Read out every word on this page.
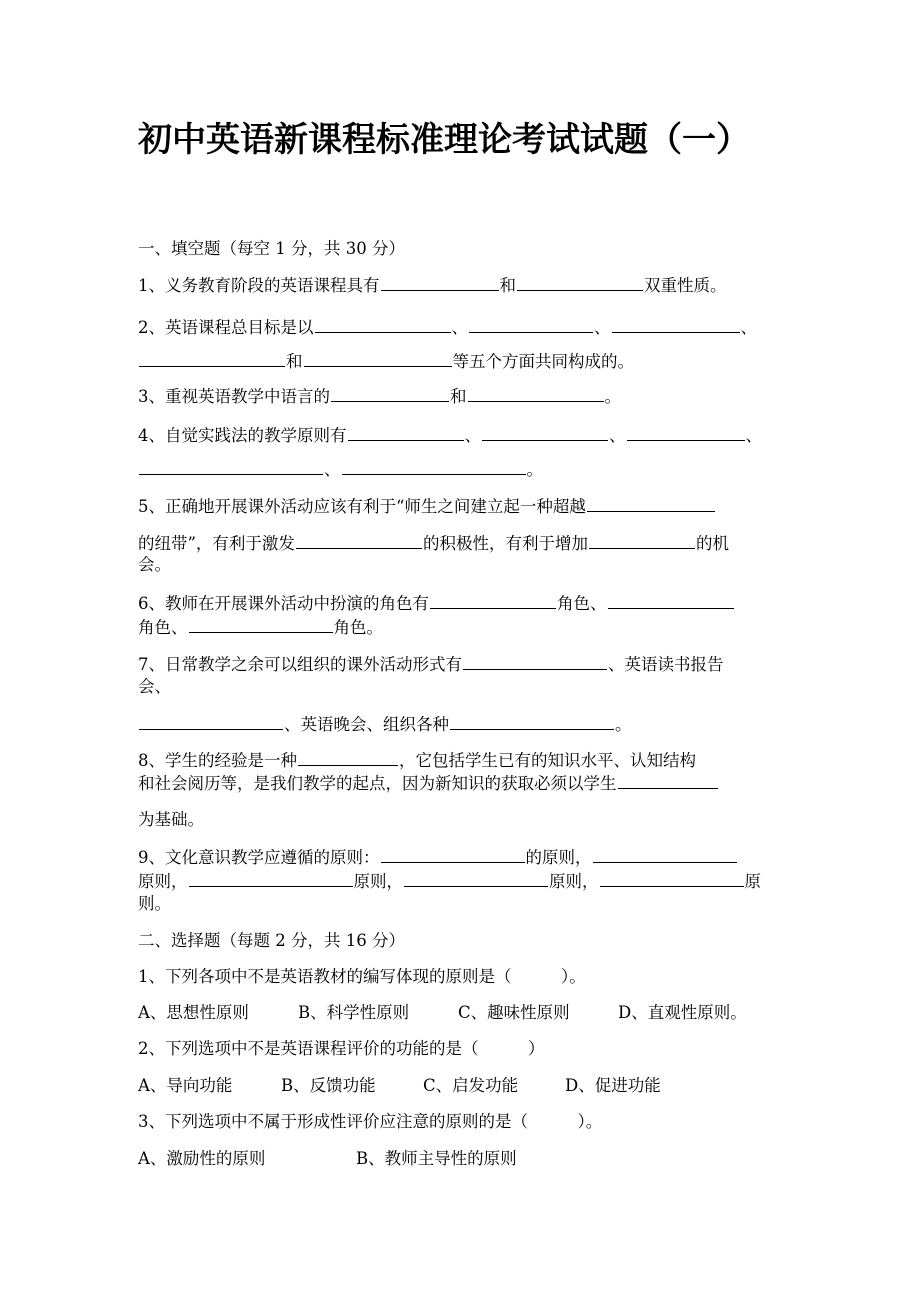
初中英语新课程标准理论考试试题（一）
一、填空题（每空 1 分，共 30 分）
1、义务教育阶段的英语课程具有	和	双重性质。
2、英语课程总目标是以	、	、	、
和	等五个方面共同构成的。
3、重视英语教学中语言的	和	。
4、自觉实践法的教学原则有	、	、	、
、	。
5、正确地开展课外活动应该有利于“师生之间建立起一种超越
的纽带”，有利于激发	的积极性，有利于增加	的机
会。
6、教师在开展课外活动中扮演的角色有	角色、
角色、	角色。
7、日常教学之余可以组织的课外活动形式有	、英语读书报告
会、
、英语晚会、组织各种	。
8、学生的经验是一种	，它包括学生已有的知识水平、认知结构
和社会阅历等，是我们教学的起点，因为新知识的获取必须以学生
为基础。
9、文化意识教学应遵循的原则：	的原则，
原则，	原则，	原则，	原
则。
二、选择题（每题 2 分，共 16 分）
1、下列各项中不是英语教材的编写体现的原则是（　　　）。
A、思想性原则	B、科学性原则	C、趣味性原则	D、直观性原则。
2、下列选项中不是英语课程评价的功能的是（　　　）
A、导向功能	B、反馈功能	C、启发功能	D、促进功能
3、下列选项中不属于形成性评价应注意的原则的是（　　　）。
A、激励性的原则	B、教师主导性的原则
